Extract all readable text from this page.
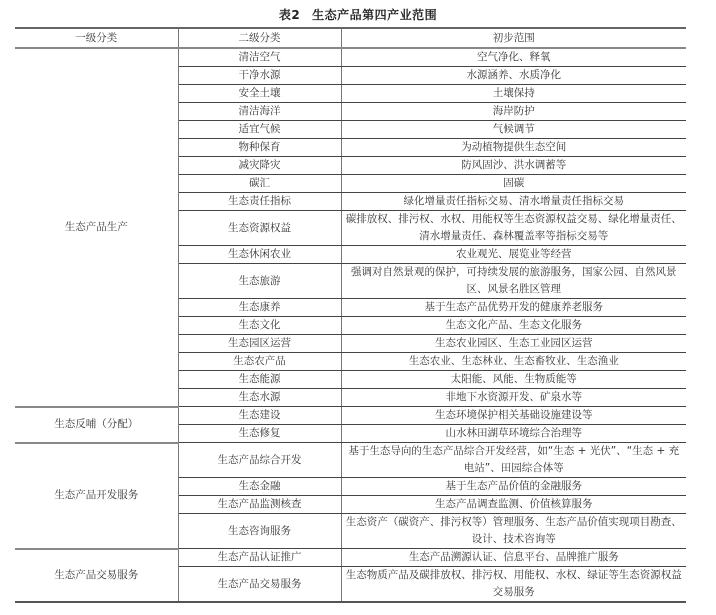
表2 生态产品第四产业范围
一级分类	二级分类	初步范围
生态产品生产	清洁空气	空气净化、释氧
	干净水源	水源涵养、水质净化
	安全土壤	土壤保持
	清洁海洋	海岸防护
	适宜气候	气候调节
	物种保育	为动植物提供生态空间
	减灾降灾	防风固沙、洪水调蓄等
	碳汇	固碳
	生态责任指标	绿化增量责任指标交易、清水增量责任指标交易
	生态资源权益	碳排放权、排污权、水权、用能权等生态资源权益交易、绿化增量责任、清水增量责任、森林覆盖率等指标交易等
	生态休闲农业	农业观光、展览业等经营
	生态旅游	强调对自然景观的保护，可持续发展的旅游服务，国家公园、自然风景区、风景名胜区管理
	生态康养	基于生态产品优势开发的健康养老服务
	生态文化	生态文化产品、生态文化服务
	生态园区运营	生态农业园区、生态工业园区运营
	生态农产品	生态农业、生态林业、生态畜牧业、生态渔业
	生态能源	太阳能、风能、生物质能等
	生态水源	非地下水资源开发、矿泉水等
生态反哺（分配）	生态建设	生态环境保护相关基础设施建设等
	生态修复	山水林田湖草环境综合治理等
生态产品开发服务	生态产品综合开发	基于生态导向的生态产品综合开发经营，如“生态 + 光伏”、“生态 + 充电站”、田园综合体等
	生态金融	基于生态产品价值的金融服务
	生态产品监测核查	生态产品调查监测、价值核算服务
	生态咨询服务	生态资产（碳资产、排污权等）管理服务、生态产品价值实现项目勘查、设计、技术咨询等
生态产品交易服务	生态产品认证推广	生态产品溯源认证、信息平台、品牌推广服务
	生态产品交易服务	生态物质产品及碳排放权、排污权、用能权、水权、绿证等生态资源权益交易服务
